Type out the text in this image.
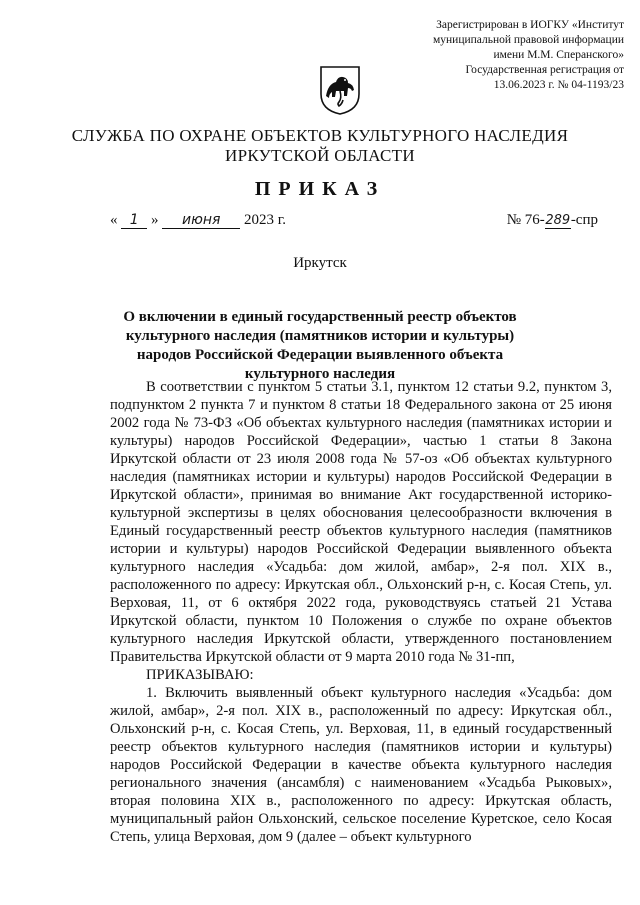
Зарегистрирован в ИОГКУ «Институт
муниципальной правовой информации
имени М.М. Сперанского»
Государственная регистрация от
13.06.2023 г. № 04-1193/23
СЛУЖБА ПО ОХРАНЕ ОБЪЕКТОВ КУЛЬТУРНОГО НАСЛЕДИЯ
ИРКУТСКОЙ ОБЛАСТИ
ПРИКАЗ
« 1 » июня 2023 г.	№ 76-289-спр
Иркутск
О включении в единый государственный реестр объектов культурного наследия (памятников истории и культуры) народов Российской Федерации выявленного объекта культурного наследия

В соответствии с пунктом 5 статьи 3.1, пунктом 12 статьи 9.2, пунктом 3, подпунктом 2 пункта 7 и пунктом 8 статьи 18 Федерального закона от 25 июня 2002 года № 73-ФЗ «Об объектах культурного наследия (памятниках истории и культуры) народов Российской Федерации», частью 1 статьи 8 Закона Иркутской области от 23 июля 2008 года № 57-оз «Об объектах культурного наследия (памятниках истории и культуры) народов Российской Федерации в Иркутской области», принимая во внимание Акт государственной историко-культурной экспертизы в целях обоснования целесообразности включения в Единый государственный реестр объектов культурного наследия (памятников истории и культуры) народов Российской Федерации выявленного объекта культурного наследия «Усадьба: дом жилой, амбар», 2-я пол. XIX в., расположенного по адресу: Иркутская обл., Ольхонский р-н, с. Косая Степь, ул. Верховая, 11, от 6 октября 2022 года, руководствуясь статьей 21 Устава Иркутской области, пунктом 10 Положения о службе по охране объектов культурного наследия Иркутской области, утвержденного постановлением Правительства Иркутской области от 9 марта 2010 года № 31-пп,

ПРИКАЗЫВАЮ:

1. Включить выявленный объект культурного наследия «Усадьба: дом жилой, амбар», 2-я пол. XIX в., расположенный по адресу: Иркутская обл., Ольхонский р-н, с. Косая Степь, ул. Верховая, 11, в единый государственный реестр объектов культурного наследия (памятников истории и культуры) народов Российской Федерации в качестве объекта культурного наследия регионального значения (ансамбля) с наименованием «Усадьба Рыковых», вторая половина XIX в., расположенного по адресу: Иркутская область, муниципальный район Ольхонский, сельское поселение Куретское, село Косая Степь, улица Верховая, дом 9 (далее – объект культурного
